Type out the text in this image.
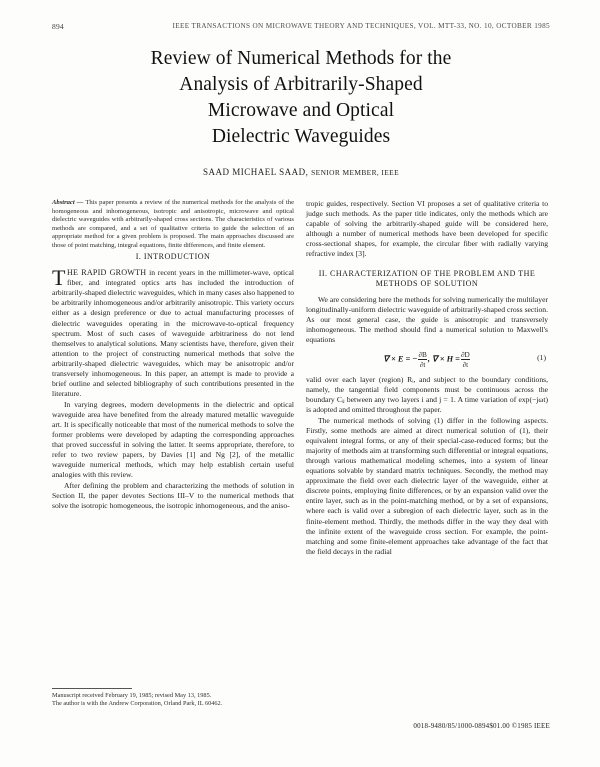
894	IEEE TRANSACTIONS ON MICROWAVE THEORY AND TECHNIQUES, VOL. MTT-33, NO. 10, OCTOBER 1985
Review of Numerical Methods for the
Analysis of Arbitrarily-Shaped
Microwave and Optical
Dielectric Waveguides
SAAD MICHAEL SAAD, SENIOR MEMBER, IEEE
Abstract — This paper presents a review of the numerical methods for the analysis of the homogeneous and inhomogeneous, isotropic and anisotropic, microwave and optical dielectric waveguides with arbitrarily-shaped cross sections. The characteristics of various methods are compared, and a set of qualitative criteria to guide the selection of an appropriate method for a given problem is proposed. The main approaches discussed are those of point matching, integral equations, finite differences, and finite element.
I. INTRODUCTION

THE RAPID GROWTH in recent years in the millimeter-wave, optical fiber, and integrated optics arts has included the introduction of arbitrarily-shaped dielectric waveguides, which in many cases also happened to be arbitrarily inhomogeneous and/or arbitrarily anisotropic. This variety occurs either as a design preference or due to actual manufacturing processes of dielectric waveguides operating in the microwave-to-optical frequency spectrum. Most of such cases of waveguide arbitrariness do not lend themselves to analytical solutions. Many scientists have, therefore, given their attention to the project of constructing numerical methods that solve the arbitrarily-shaped dielectric waveguides, which may be anisotropic and/or transversely inhomogeneous. In this paper, an attempt is made to provide a brief outline and selected bibliography of such contributions presented in the literature.

In varying degrees, modern developments in the dielectric and optical waveguide area have benefited from the already matured metallic waveguide art. It is specifically noticeable that most of the numerical methods to solve the former problems were developed by adapting the corresponding approaches that proved successful in solving the latter. It seems appropriate, therefore, to refer to two review papers, by Davies [1] and Ng [2], of the metallic waveguide numerical methods, which may help establish certain useful analogies with this review.

After defining the problem and characterizing the methods of solution in Section II, the paper devotes Sections III–V to the numerical methods that solve the isotropic homogeneous, the isotropic inhomogeneous, and the aniso-

tropic guides, respectively. Section VI proposes a set of qualitative criteria to judge such methods. As the paper title indicates, only the methods which are capable of solving the arbitrarily-shaped guide will be considered here, although a number of numerical methods have been developed for specific cross-sectional shapes, for example, the circular fiber with radially varying refractive index [3].

II. CHARACTERIZATION OF THE PROBLEM AND THE
METHODS OF SOLUTION

We are considering here the methods for solving numerically the multilayer longitudinally-uniform dielectric waveguide of arbitrarily-shaped cross section. As our most general case, the guide is anisotropic and transversely inhomogeneous. The method should find a numerical solution to Maxwell's equations

∇ × $E = -\frac{\partial B}{\partial t}$ , ∇ × $H =\frac{\partial D}{\partial t}$	(1)

valid over each layer (region) Rᵢ, and subject to the boundary conditions, namely, the tangential field components must be continuous across the boundary Cᵢⱼ between any two layers i and j = 1. A time variation of exp(−jωt) is adopted and omitted throughout the paper.

The numerical methods of solving (1) differ in the following aspects. Firstly, some methods are aimed at direct numerical solution of (1), their equivalent integral forms, or any of their special-case-reduced forms; but the majority of methods aim at transforming such differential or integral equations, through various mathematical modeling schemes, into a system of linear equations solvable by standard matrix techniques. Secondly, the method may approximate the field over each dielectric layer of the waveguide, either at discrete points, employing finite differences, or by an expansion valid over the entire layer, such as in the point-matching method, or by a set of expansions, where each is valid over a subregion of each dielectric layer, such as in the finite-element method. Thirdly, the methods differ in the way they deal with the infinite extent of the waveguide cross section. For example, the point-matching and some finite-element approaches take advantage of the fact that the field decays in the radial

Manuscript received February 19, 1985; revised May 13, 1985.
The author is with the Andrew Corporation, Orland Park, IL 60462.
0018-9480/85/1000-0894$01.00 ©1985 IEEE
